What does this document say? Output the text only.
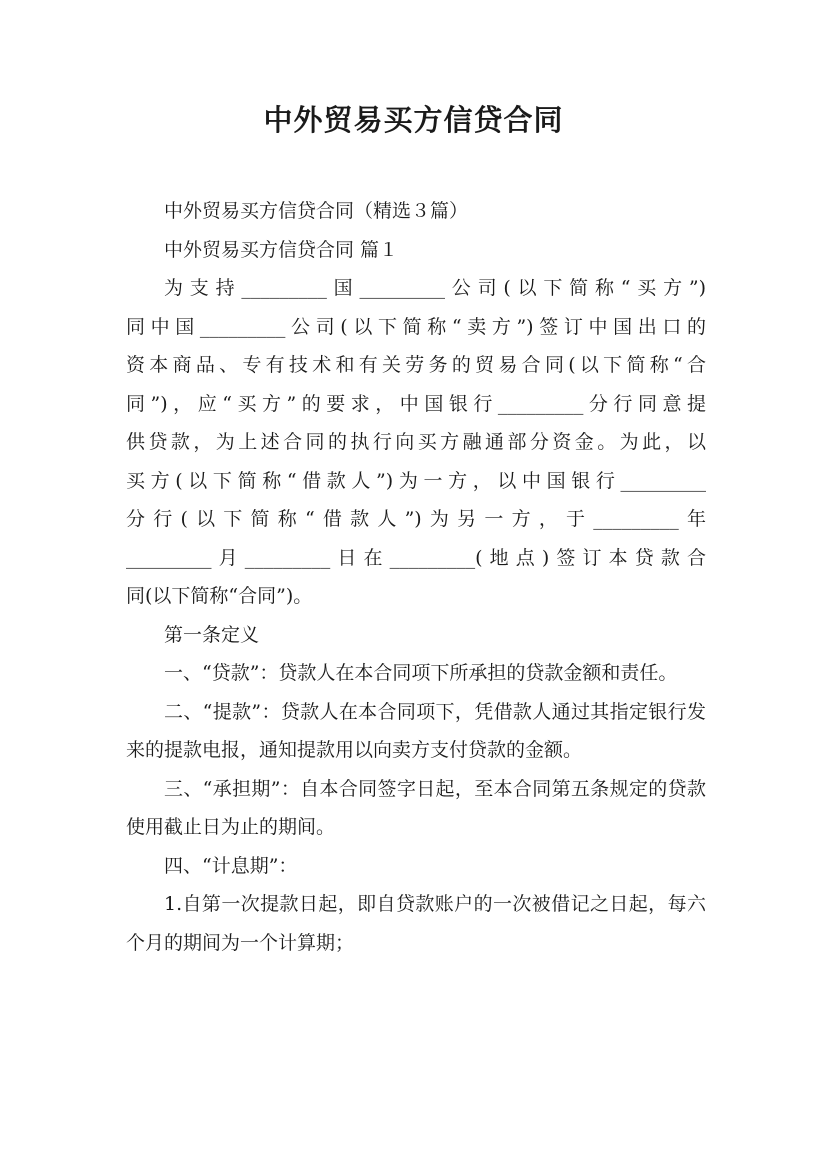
中外贸易买方信贷合同

中外贸易买方信贷合同（精选３篇）

中外贸易买方信贷合同 篇１

为支持_________国_________公司(以下简称“买方”)
同中国_________公司(以下简称“卖方”)签订中国出口的
资本商品、专有技术和有关劳务的贸易合同(以下简称“合
同”)，应“买方”的要求，中国银行_________分行同意提
供贷款，为上述合同的执行向买方融通部分资金。为此，以
买方(以下简称“借款人”)为一方，以中国银行_________
分行(以下简称“借款人”)为另一方，于_________年
_________月_________日在_________(地点)签订本贷款合
同(以下简称“合同”)。

第一条定义

一、“贷款”：贷款人在本合同项下所承担的贷款金额和责任。

二、“提款”：贷款人在本合同项下，凭借款人通过其指定银行发来的提款电报，通知提款用以向卖方支付贷款的金额。

三、“承担期”：自本合同签字日起，至本合同第五条规定的贷款使用截止日为止的期间。

四、“计息期”：

1.自第一次提款日起，即自贷款账户的一次被借记之日起，每六个月的期间为一个计算期；
